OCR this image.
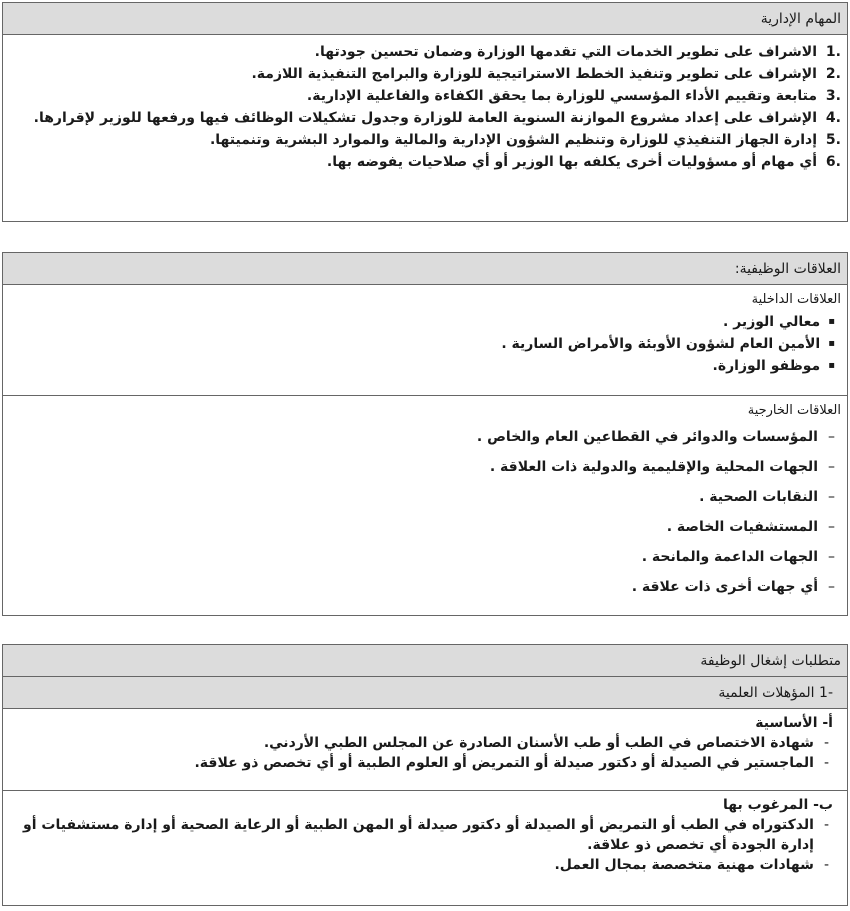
المهام الإدارية
.1
الاشراف على تطوير الخدمات التي تقدمها الوزارة وضمان تحسين جودتها.
.2
الإشراف على تطوير وتنفيذ الخطط الاستراتيجية للوزارة والبرامج التنفيذية اللازمة.
.3
متابعة وتقييم الأداء المؤسسي للوزارة بما يحقق الكفاءة والفاعلية الإدارية.
.4
الإشراف على إعداد مشروع الموازنة السنوية العامة للوزارة وجدول تشكيلات الوظائف فيها ورفعها للوزير لإقرارها.
.5
إدارة الجهاز التنفيذي للوزارة وتنظيم الشؤون الإدارية والمالية والموارد البشرية وتنميتها.
.6
أي مهام أو مسؤوليات أخرى يكلفه بها الوزير أو أي صلاحيات يفوضه بها.
العلاقات الوظيفية:
العلاقات الداخلية
▪
معالي الوزير .
▪
الأمين العام لشؤون الأوبئة والأمراض السارية .
▪
موظفو الوزارة.
العلاقات الخارجية
–
المؤسسات والدوائر في القطاعين العام والخاص .
–
الجهات المحلية والإقليمية والدولية ذات العلاقة .
–
النقابات الصحية .
–
المستشفيات الخاصة .
–
الجهات الداعمة والمانحة .
–
أي جهات أخرى ذات علاقة .
متطلبات إشغال الوظيفة
-1 المؤهلات العلمية
أ- الأساسية
-
شهادة الاختصاص في الطب أو طب الأسنان الصادرة عن المجلس الطبي الأردني.
-
الماجستير في الصيدلة أو دكتور صيدلة أو التمريض أو العلوم الطبية أو أي تخصص ذو علاقة.
ب- المرغوب بها
-
الدكتوراه في الطب أو التمريض أو الصيدلة أو دكتور صيدلة أو المهن الطبية أو الرعاية الصحية أو إدارة مستشفيات أو إدارة الجودة أي تخصص ذو علاقة.
-
شهادات مهنية متخصصة بمجال العمل.
